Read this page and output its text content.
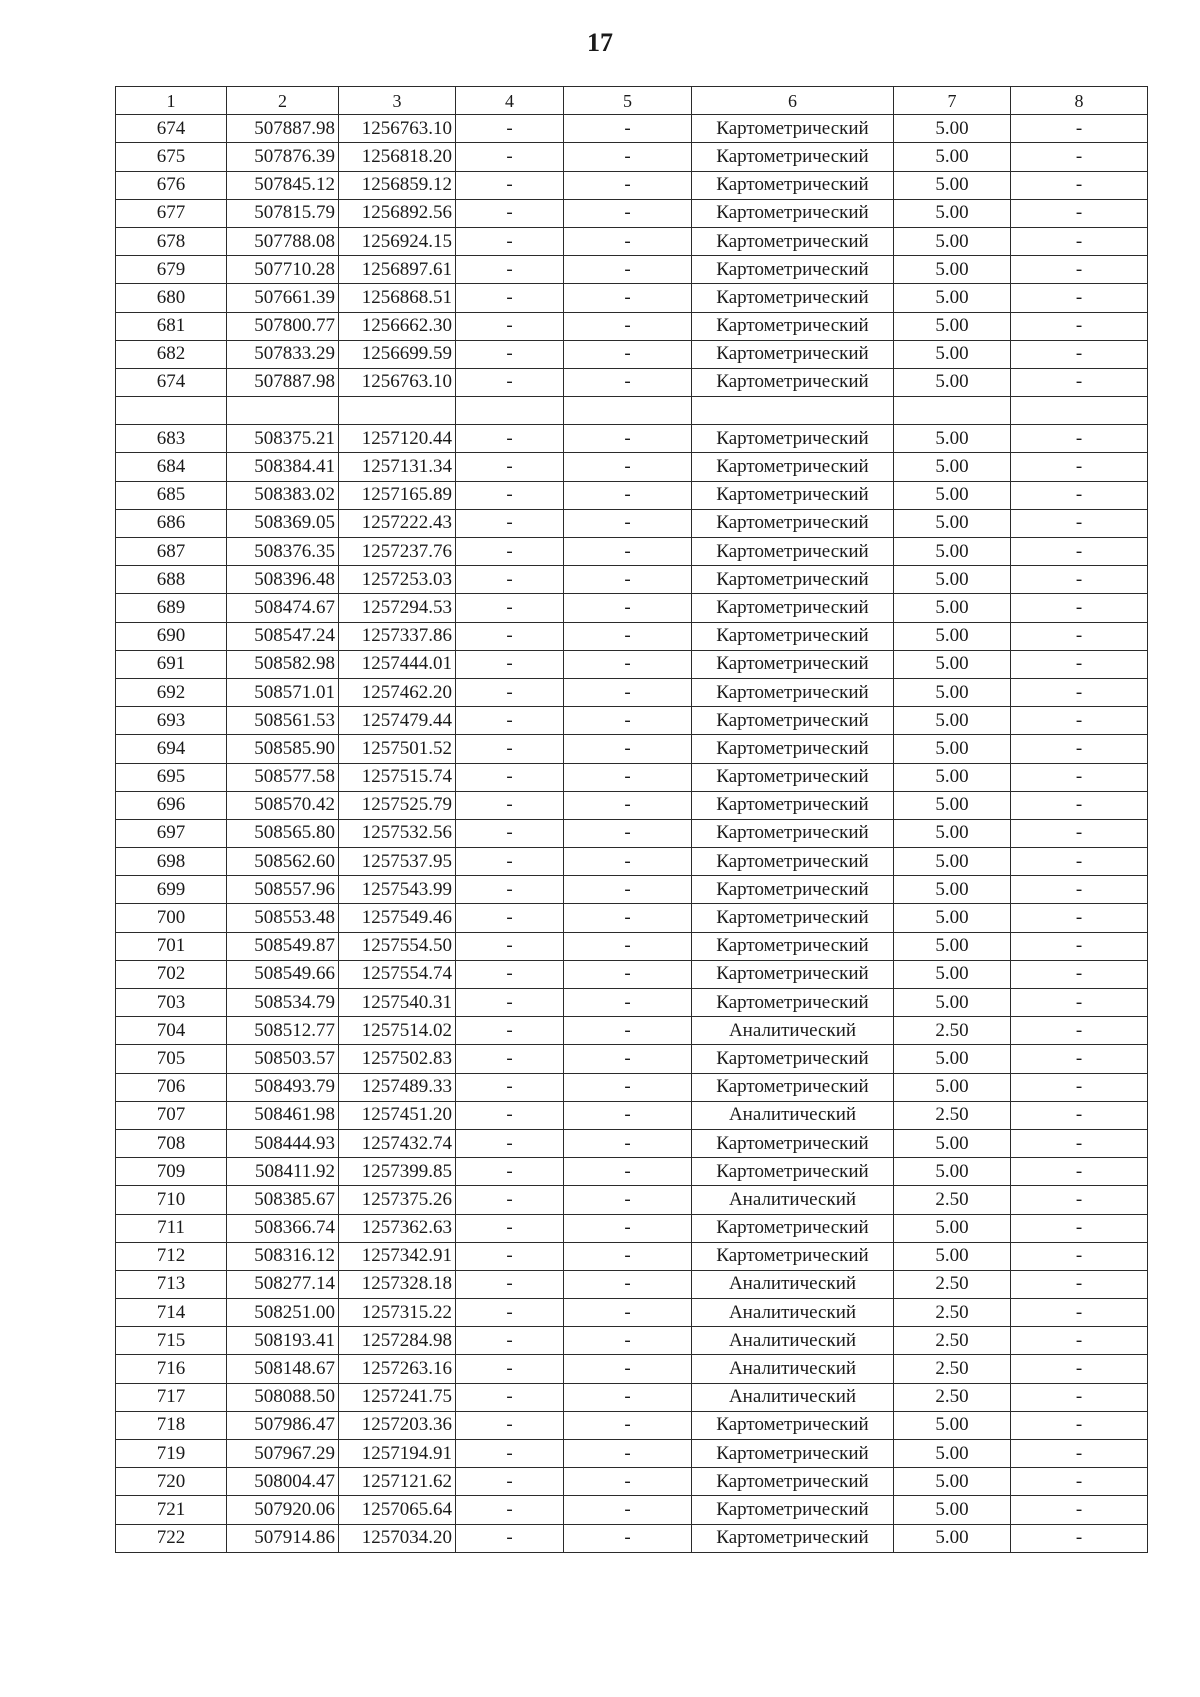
17
1	2	3	4	5	6	7	8
674	507887.98	1256763.10	-	-	Картометрический	5.00	-
675	507876.39	1256818.20	-	-	Картометрический	5.00	-
676	507845.12	1256859.12	-	-	Картометрический	5.00	-
677	507815.79	1256892.56	-	-	Картометрический	5.00	-
678	507788.08	1256924.15	-	-	Картометрический	5.00	-
679	507710.28	1256897.61	-	-	Картометрический	5.00	-
680	507661.39	1256868.51	-	-	Картометрический	5.00	-
681	507800.77	1256662.30	-	-	Картометрический	5.00	-
682	507833.29	1256699.59	-	-	Картометрический	5.00	-
674	507887.98	1256763.10	-	-	Картометрический	5.00	-

683	508375.21	1257120.44	-	-	Картометрический	5.00	-
684	508384.41	1257131.34	-	-	Картометрический	5.00	-
685	508383.02	1257165.89	-	-	Картометрический	5.00	-
686	508369.05	1257222.43	-	-	Картометрический	5.00	-
687	508376.35	1257237.76	-	-	Картометрический	5.00	-
688	508396.48	1257253.03	-	-	Картометрический	5.00	-
689	508474.67	1257294.53	-	-	Картометрический	5.00	-
690	508547.24	1257337.86	-	-	Картометрический	5.00	-
691	508582.98	1257444.01	-	-	Картометрический	5.00	-
692	508571.01	1257462.20	-	-	Картометрический	5.00	-
693	508561.53	1257479.44	-	-	Картометрический	5.00	-
694	508585.90	1257501.52	-	-	Картометрический	5.00	-
695	508577.58	1257515.74	-	-	Картометрический	5.00	-
696	508570.42	1257525.79	-	-	Картометрический	5.00	-
697	508565.80	1257532.56	-	-	Картометрический	5.00	-
698	508562.60	1257537.95	-	-	Картометрический	5.00	-
699	508557.96	1257543.99	-	-	Картометрический	5.00	-
700	508553.48	1257549.46	-	-	Картометрический	5.00	-
701	508549.87	1257554.50	-	-	Картометрический	5.00	-
702	508549.66	1257554.74	-	-	Картометрический	5.00	-
703	508534.79	1257540.31	-	-	Картометрический	5.00	-
704	508512.77	1257514.02	-	-	Аналитический	2.50	-
705	508503.57	1257502.83	-	-	Картометрический	5.00	-
706	508493.79	1257489.33	-	-	Картометрический	5.00	-
707	508461.98	1257451.20	-	-	Аналитический	2.50	-
708	508444.93	1257432.74	-	-	Картометрический	5.00	-
709	508411.92	1257399.85	-	-	Картометрический	5.00	-
710	508385.67	1257375.26	-	-	Аналитический	2.50	-
711	508366.74	1257362.63	-	-	Картометрический	5.00	-
712	508316.12	1257342.91	-	-	Картометрический	5.00	-
713	508277.14	1257328.18	-	-	Аналитический	2.50	-
714	508251.00	1257315.22	-	-	Аналитический	2.50	-
715	508193.41	1257284.98	-	-	Аналитический	2.50	-
716	508148.67	1257263.16	-	-	Аналитический	2.50	-
717	508088.50	1257241.75	-	-	Аналитический	2.50	-
718	507986.47	1257203.36	-	-	Картометрический	5.00	-
719	507967.29	1257194.91	-	-	Картометрический	5.00	-
720	508004.47	1257121.62	-	-	Картометрический	5.00	-
721	507920.06	1257065.64	-	-	Картометрический	5.00	-
722	507914.86	1257034.20	-	-	Картометрический	5.00	-
